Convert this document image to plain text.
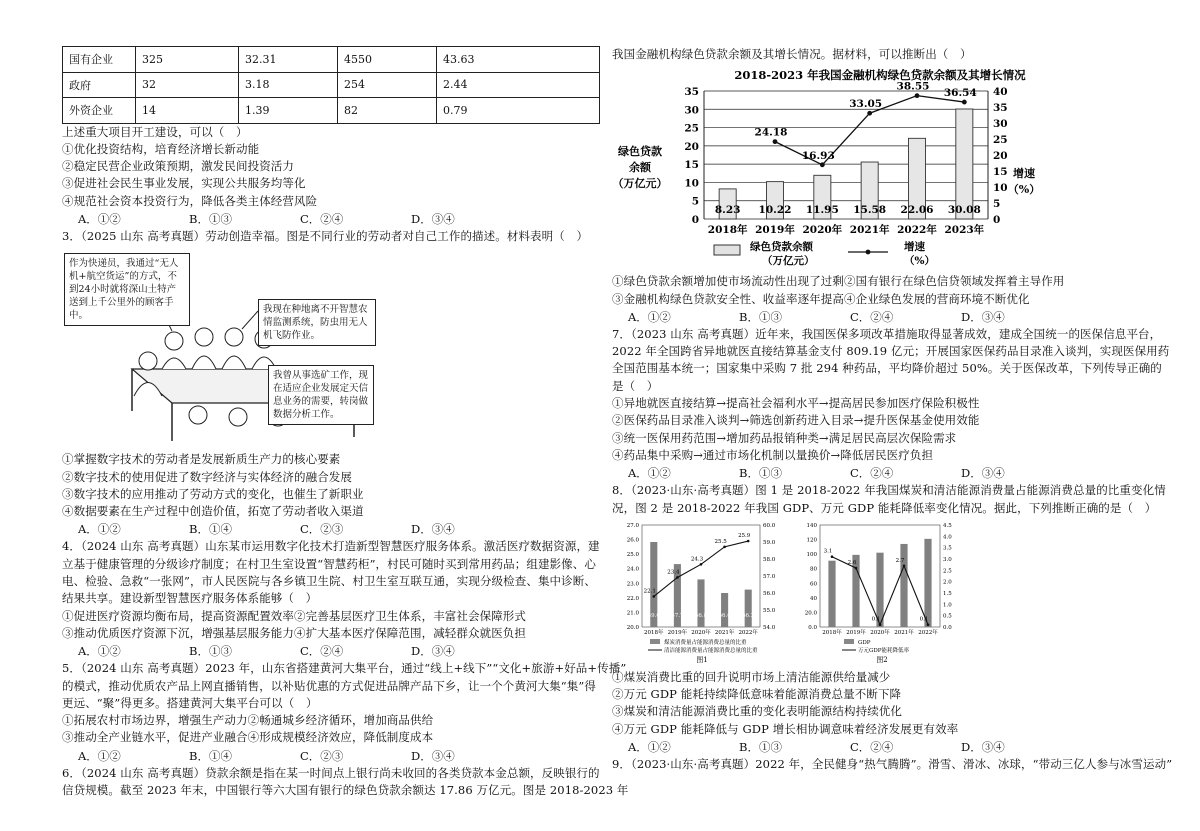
国有企业	325	32.31	4550	43.63
政府	32	3.18	254	2.44
外资企业	14	1.39	82	0.79
上述重大项目开工建设，可以（　）
①优化投资结构，培育经济增长新动能
②稳定民营企业政策预期，激发民间投资活力
③促进社会民生事业发展，实现公共服务均等化
④规范社会资本投资行为，降低各类主体经营风险
A．①②	B．①③	C．②④	D．③④
3．（2025 山东 高考真题）劳动创造幸福。图是不同行业的劳动者对自己工作的描述。材料表明（　）
作为快递员，我通过“无人机+航空货运”的方式，不到24小时就将深山土特产送到上千公里外的顾客手中。
我现在种地离不开智慧农情监测系统，防虫用无人机飞防作业。
我曾从事选矿工作，现在适应企业发展定天信息业务的需要，转岗做数据分析工作。
①掌握数字技术的劳动者是发展新质生产力的核心要素
②数字技术的使用促进了数字经济与实体经济的融合发展
③数字技术的应用推动了劳动方式的变化，也催生了新职业
④数据要素在生产过程中创造价值，拓宽了劳动者收入渠道
A．①②	B．①④	C．②③	D．③④
4．（2024 山东 高考真题）山东某市运用数字化技术打造新型智慧医疗服务体系。激活医疗数据资源，建
立基于健康管理的分级诊疗制度；在村卫生室设置“智慧药柜”，村民可随时买到常用药品；组建影像、心
电、检验、急救“一张网”，市人民医院与各乡镇卫生院、村卫生室互联互通，实现分级检查、集中诊断、
结果共享。建设新型智慧医疗服务体系能够（　）
①促进医疗资源均衡布局，提高资源配置效率②完善基层医疗卫生体系，丰富社会保障形式
③推动优质医疗资源下沉，增强基层服务能力④扩大基本医疗保障范围，减轻群众就医负担
A．①②	B．①③	C．②④	D．③④
5．（2024 山东 高考真题）2023 年，山东省搭建黄河大集平台，通过“线上+线下”“文化+旅游+好品+传播”
的模式，推动优质农产品上网直播销售，以补贴优惠的方式促进品牌产品下乡，让一个个黄河大集“集”得
更远、“聚”得更多。搭建黄河大集平台可以（　）
①拓展农村市场边界，增强生产动力②畅通城乡经济循环，增加商品供给
③推动全产业链水平，促进产业融合④形成规模经济效应，降低制度成本
A．①②	B．①④	C．②③	D．③④
6．（2024 山东 高考真题）贷款余额是指在某一时间点上银行尚未收回的各类贷款本金总额，反映银行的
信贷规模。截至 2023 年末，中国银行等六大国有银行的绿色贷款余额达 17.86 万亿元。图是 2018-2023 年
我国金融机构绿色贷款余额及其增长情况。据材料，可以推断出（　）
2018-2023 年我国金融机构绿色贷款余额及其增长情况
0
5
10
15
20
25
30
35
0
5
10
15
20
25
30
35
40
2018年 2019年 2020年 2021年 2022年 2023年
8.23 10.22
24.18
11.95
16.93
15.58
33.05
22.06
38.55
30.08
36.54
绿色贷款
余额
（万亿元）
增速
（%）
绿色贷款余额
（万亿元）
增速
（%）
①绿色贷款余额增加使市场流动性出现了过剩②国有银行在绿色信贷领域发挥着主导作用
③金融机构绿色贷款安全性、收益率逐年提高④企业绿色发展的营商环境不断优化
A．①②	B．①③	C．②④	D．③④
7．（2023 山东 高考真题）近年来，我国医保多项改革措施取得显著成效，建成全国统一的医保信息平台，
2022 年全国跨省异地就医直接结算基金支付 809.19 亿元；开展国家医保药品目录准入谈判，实现医保用药
全国范围基本统一；国家集中采购 7 批 294 种药品，平均降价超过 50%。关于医保改革，下列传导正确的
是（　）
①异地就医直接结算→提高社会福利水平→提高居民参加医疗保险积极性
②医保药品目录准入谈判→筛选创新药进入目录→提升医保基金使用效能
③统一医保用药范围→增加药品报销种类→满足居民高层次保险需求
④药品集中采购→通过市场化机制以量换价→降低居民医疗负担
A．①②	B．①③	C．②④	D．③④
8．（2023·山东·高考真题）图 1 是 2018-2022 年我国煤炭和清洁能源消费量占能源消费总量的比重变化情
况，图 2 是 2018-2022 年我国 GDP、万元 GDP 能耗降低率变化情况。据此，下列推断正确的是（　）
20.0
21.0
22.0
23.0
24.0
25.0
26.0
27.0
54.0
55.0
56.0
57.0
58.0
59.0
60.0
59.0
2018年
22.1
57.7
2019年
23.4
56.8
2020年
24.3
56.0
2021年
25.5
56.2
2022年
25.9
0.0
20.0
40
60
80
100
120
140
0.0
0.5
1.0
1.5
2.0
2.5
3.0
3.5
4.0
4.5
2018年
3.1
2019年
2.6
2020年
0.1
2021年
2.7
2022年
0.1
煤炭消费量占能源消费总量的比重
清洁能源消费量占能源消费总量的比重
图1
GDP
万元GDP能耗降低率
图2
①煤炭消费比重的回升说明市场上清洁能源供给量减少
②万元 GDP 能耗持续降低意味着能源消费总量不断下降
③煤炭和清洁能源消费比重的变化表明能源结构持续优化
④万元 GDP 能耗降低与 GDP 增长相协调意味着经济发展更有效率
A．①②	B．①③	C．②④	D．③④
9．（2023·山东·高考真题）2022 年，全民健身“热气腾腾”。滑雪、滑冰、冰球，“带动三亿人参与冰雪运动”
